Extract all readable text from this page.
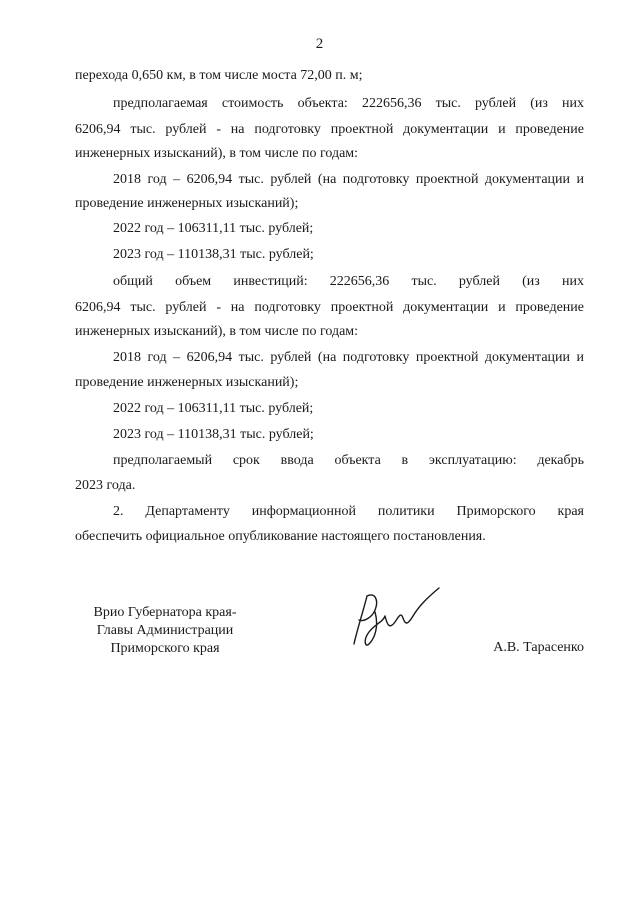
2
перехода 0,650 км, в том числе моста 72,00 п. м;
предполагаемая стоимость объекта: 222656,36 тыс. рублей (из них
6206,94 тыс. рублей - на подготовку проектной документации и проведение
инженерных изысканий), в том числе по годам:
2018 год – 6206,94 тыс. рублей (на подготовку проектной документации и
проведение инженерных изысканий);
2022 год – 106311,11 тыс. рублей;
2023 год – 110138,31 тыс. рублей;
общий объем инвестиций: 222656,36 тыс. рублей (из них
6206,94 тыс. рублей - на подготовку проектной документации и проведение
инженерных изысканий), в том числе по годам:
2018 год – 6206,94 тыс. рублей (на подготовку проектной документации и
проведение инженерных изысканий);
2022 год – 106311,11 тыс. рублей;
2023 год – 110138,31 тыс. рублей;
предполагаемый срок ввода объекта в эксплуатацию: декабрь
2023 года.
2. Департаменту информационной политики Приморского края
обеспечить официальное опубликование настоящего постановления.
Врио Губернатора края-
Главы Администрации
Приморского края	А.В. Тарасенко
